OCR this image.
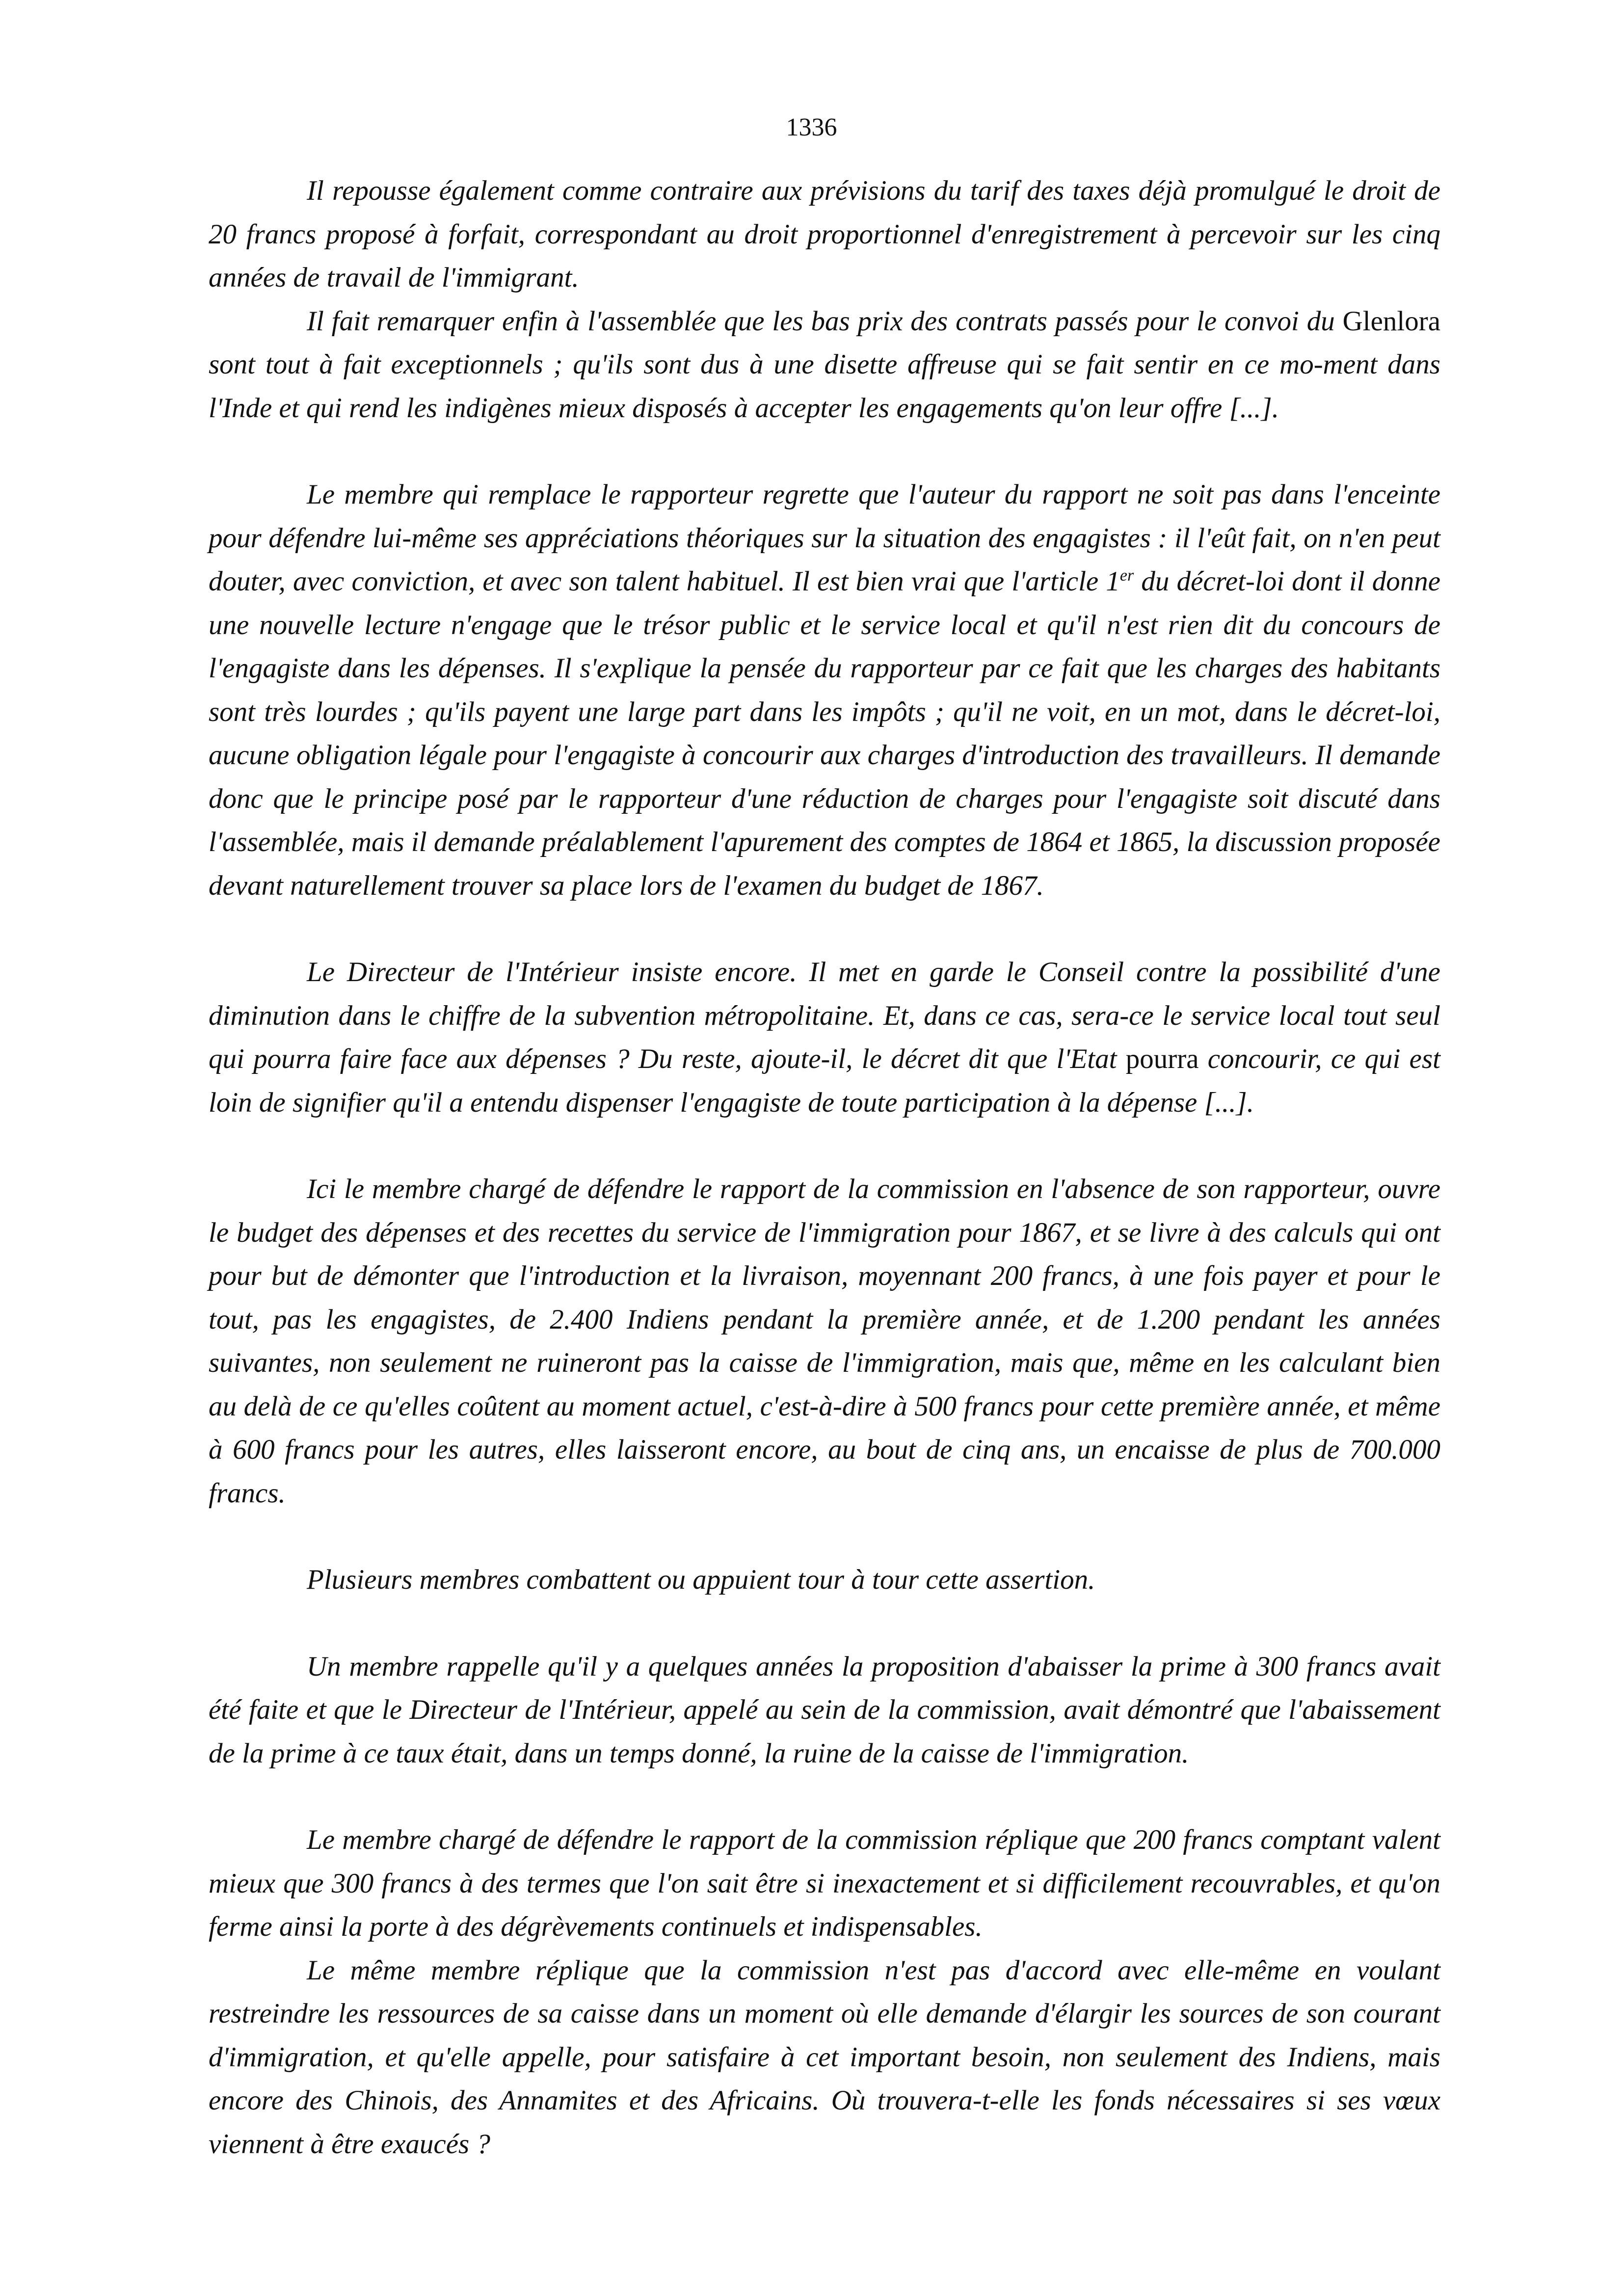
1336

Il repousse également comme contraire aux prévisions du tarif des taxes déjà promulgué le droit de 20 francs proposé à forfait, correspondant au droit proportionnel d'enregistrement à percevoir sur les cinq années de travail de l'immigrant.

Il fait remarquer enfin à l'assemblée que les bas prix des contrats passés pour le convoi du Glenlora sont tout à fait exceptionnels ; qu'ils sont dus à une disette affreuse qui se fait sentir en ce mo-ment dans l'Inde et qui rend les indigènes mieux disposés à accepter les engagements qu'on leur offre [...].

Le membre qui remplace le rapporteur regrette que l'auteur du rapport ne soit pas dans l'enceinte pour défendre lui-même ses appréciations théoriques sur la situation des engagistes : il l'eût fait, on n'en peut douter, avec conviction, et avec son talent habituel. Il est bien vrai que l'article 1er du décret-loi dont il donne une nouvelle lecture n'engage que le trésor public et le service local et qu'il n'est rien dit du concours de l'engagiste dans les dépenses. Il s'explique la pensée du rapporteur par ce fait que les charges des habitants sont très lourdes ; qu'ils payent une large part dans les impôts ; qu'il ne voit, en un mot, dans le décret-loi, aucune obligation légale pour l'engagiste à concourir aux charges d'introduction des travailleurs. Il demande donc que le principe posé par le rapporteur d'une réduction de charges pour l'engagiste soit discuté dans l'assemblée, mais il demande préalablement l'apurement des comptes de 1864 et 1865, la discussion proposée devant naturellement trouver sa place lors de l'examen du budget de 1867.

Le Directeur de l'Intérieur insiste encore. Il met en garde le Conseil contre la possibilité d'une diminution dans le chiffre de la subvention métropolitaine. Et, dans ce cas, sera-ce le service local tout seul qui pourra faire face aux dépenses ? Du reste, ajoute-il, le décret dit que l'Etat pourra concourir, ce qui est loin de signifier qu'il a entendu dispenser l'engagiste de toute participation à la dépense [...].

Ici le membre chargé de défendre le rapport de la commission en l'absence de son rapporteur, ouvre le budget des dépenses et des recettes du service de l'immigration pour 1867, et se livre à des calculs qui ont pour but de démonter que l'introduction et la livraison, moyennant 200 francs, à une fois payer et pour le tout, pas les engagistes, de 2.400 Indiens pendant la première année, et de 1.200 pendant les années suivantes, non seulement ne ruineront pas la caisse de l'immigration, mais que, même en les calculant bien au delà de ce qu'elles coûtent au moment actuel, c'est-à-dire à 500 francs pour cette première année, et même à 600 francs pour les autres, elles laisseront encore, au bout de cinq ans, un encaisse de plus de 700.000 francs.

Plusieurs membres combattent ou appuient tour à tour cette assertion.

Un membre rappelle qu'il y a quelques années la proposition d'abaisser la prime à 300 francs avait été faite et que le Directeur de l'Intérieur, appelé au sein de la commission, avait démontré que l'abaissement de la prime à ce taux était, dans un temps donné, la ruine de la caisse de l'immigration.

Le membre chargé de défendre le rapport de la commission réplique que 200 francs comptant valent mieux que 300 francs à des termes que l'on sait être si inexactement et si difficilement recouvrables, et qu'on ferme ainsi la porte à des dégrèvements continuels et indispensables.

Le même membre réplique que la commission n'est pas d'accord avec elle-même en voulant restreindre les ressources de sa caisse dans un moment où elle demande d'élargir les sources de son courant d'immigration, et qu'elle appelle, pour satisfaire à cet important besoin, non seulement des Indiens, mais encore des Chinois, des Annamites et des Africains. Où trouvera-t-elle les fonds nécessaires si ses vœux viennent à être exaucés ?
